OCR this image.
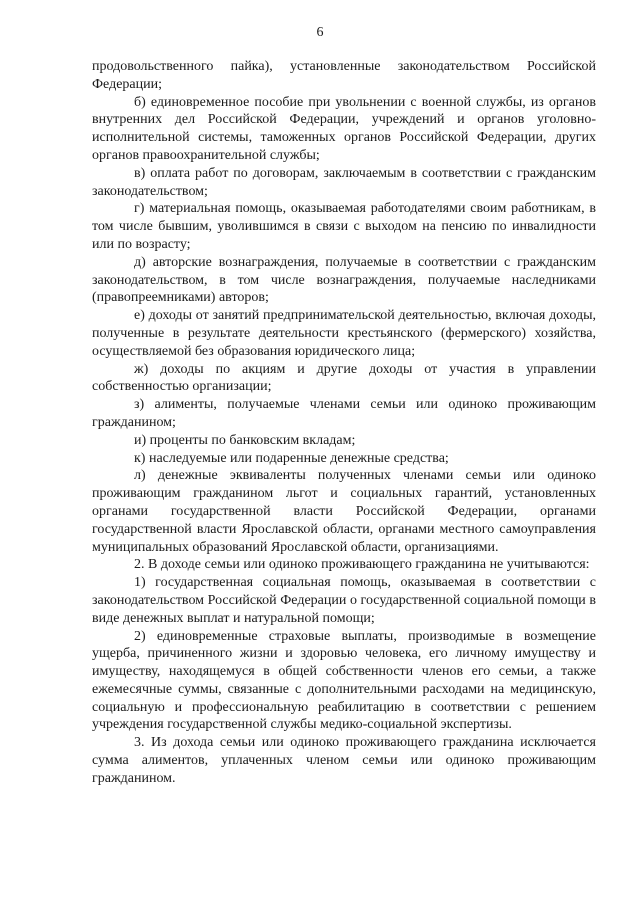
6

продовольственного пайка), установленные законодательством Российской Федерации;

б) единовременное пособие при увольнении с военной службы, из органов внутренних дел Российской Федерации, учреждений и органов уголовно-исполнительной системы, таможенных органов Российской Федерации, других органов правоохранительной службы;

в) оплата работ по договорам, заключаемым в соответствии с гражданским законодательством;

г) материальная помощь, оказываемая работодателями своим работникам, в том числе бывшим, уволившимся в связи с выходом на пенсию по инвалидности или по возрасту;

д) авторские вознаграждения, получаемые в соответствии с гражданским законодательством, в том числе вознаграждения, получаемые наследниками (правопреемниками) авторов;

е) доходы от занятий предпринимательской деятельностью, включая доходы, полученные в результате деятельности крестьянского (фермерского) хозяйства, осуществляемой без образования юридического лица;

ж) доходы по акциям и другие доходы от участия в управлении собственностью организации;

з) алименты, получаемые членами семьи или одиноко проживающим гражданином;

и) проценты по банковским вкладам;

к) наследуемые или подаренные денежные средства;

л) денежные эквиваленты полученных членами семьи или одиноко проживающим гражданином льгот и социальных гарантий, установленных органами государственной власти Российской Федерации, органами государственной власти Ярославской области, органами местного самоуправления муниципальных образований Ярославской области, организациями.

2. В доходе семьи или одиноко проживающего гражданина не учитываются:

1) государственная социальная помощь, оказываемая в соответствии с законодательством Российской Федерации о государственной социальной помощи в виде денежных выплат и натуральной помощи;

2) единовременные страховые выплаты, производимые в возмещение ущерба, причиненного жизни и здоровью человека, его личному имуществу и имуществу, находящемуся в общей собственности членов его семьи, а также ежемесячные суммы, связанные с дополнительными расходами на медицинскую, социальную и профессиональную реабилитацию в соответствии с решением учреждения государственной службы медико-социальной экспертизы.

3. Из дохода семьи или одиноко проживающего гражданина исключается сумма алиментов, уплаченных членом семьи или одиноко проживающим гражданином.
